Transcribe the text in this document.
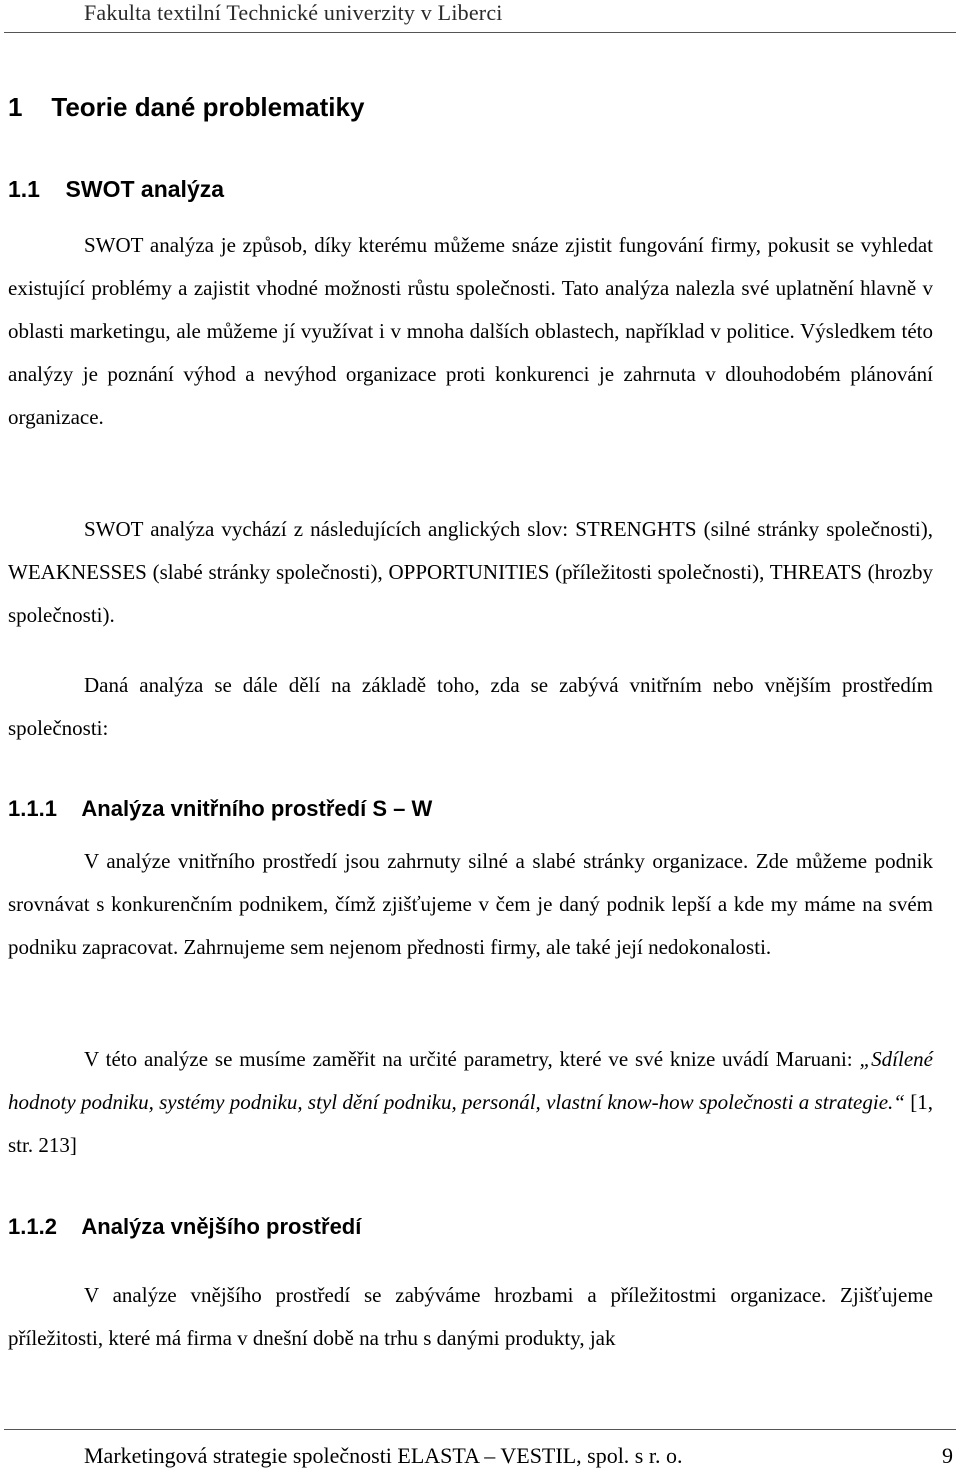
Fakulta textilní Technické univerzity v Liberci
1 Teorie dané problematiky
1.1 SWOT analýza

SWOT analýza je způsob, díky kterému můžeme snáze zjistit fungování firmy, pokusit se vyhledat existující problémy a zajistit vhodné možnosti růstu společnosti. Tato analýza nalezla své uplatnění hlavně v oblasti marketingu, ale můžeme jí využívat i v mnoha dalších oblastech, například v politice. Výsledkem této analýzy je poznání výhod a nevýhod organizace proti konkurenci je zahrnuta v dlouhodobém plánování organizace.

SWOT analýza vychází z následujících anglických slov: STRENGHTS (silné stránky společnosti), WEAKNESSES (slabé stránky společnosti), OPPORTUNITIES (příležitosti společnosti), THREATS (hrozby společnosti).

Daná analýza se dále dělí na základě toho, zda se zabývá vnitřním nebo vnějším prostředím společnosti:

1.1.1 Analýza vnitřního prostředí S – W

V analýze vnitřního prostředí jsou zahrnuty silné a slabé stránky organizace. Zde můžeme podnik srovnávat s konkurenčním podnikem, čímž zjišťujeme v čem je daný podnik lepší a kde my máme na svém podniku zapracovat. Zahrnujeme sem nejenom přednosti firmy, ale také její nedokonalosti.

V této analýze se musíme zaměřit na určité parametry, které ve své knize uvádí Maruani: „Sdílené hodnoty podniku, systémy podniku, styl dění podniku, personál, vlastní know-how společnosti a strategie.“ [1, str. 213]

1.1.2 Analýza vnějšího prostředí

V analýze vnějšího prostředí se zabýváme hrozbami a příležitostmi organizace. Zjišťujeme příležitosti, které má firma v dnešní době na trhu s danými produkty, jak

Marketingová strategie společnosti ELASTA – VESTIL, spol. s r. o.	9
